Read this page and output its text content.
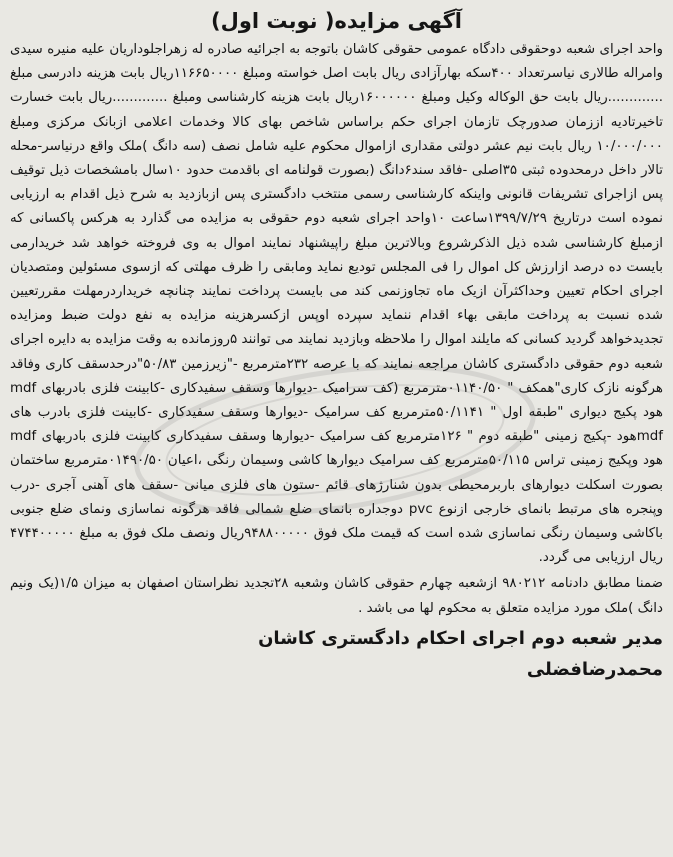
آگهی مزایده( نوبت اول)

واحد اجرای شعبه دوحقوقی دادگاه عمومی حقوقی کاشان باتوجه به اجرائیه صادره له زهراجلوداریان علیه منیره سیدی وامراله طالاری نیاسرتعداد ۴۰۰سکه بهارآزادی ریال بابت اصل خواسته ومبلغ ۱۱۶۶۵۰۰۰۰ریال بابت هزینه دادرسی مبلغ .............ریال بابت حق الوکاله وکیل ومبلغ ۱۶۰۰۰۰۰۰ریال بابت هزینه کارشناسی ومبلغ .............ریال بابت خسارت تاخیرتادیه اززمان صدورچک تازمان اجرای حکم براساس شاخص بهای کالا وخدمات اعلامی ازبانک مرکزی ومبلغ ۱۰/۰۰۰/۰۰۰ ریال بابت نیم عشر دولتی مقداری ازاموال محکوم علیه شامل نصف (سه دانگ )ملک واقع درنیاسر-محله تالار داخل درمحدوده ثبتی ۳۵اصلی -فاقد سند۶دانگ (بصورت قولنامه ای باقدمت حدود ۱۰سال بامشخصات ذیل توقیف پس ازاجرای تشریفات قانونی واینکه کارشناسی رسمی منتخب دادگستری پس ازبازدید به شرح ذیل اقدام به ارزیابی نموده است درتاریخ ۱۳۹۹/۷/۲۹ساعت ۱۰واحد اجرای شعبه دوم حقوقی به مزایده می گذارد به هرکس پاکسانی که ازمبلغ کارشناسی شده ذیل الذکرشروع وبالاترین مبلغ راپیشنهاد نمایند اموال به وی فروخته خواهد شد خریدارمی بایست ده درصد ازارزش کل اموال را فی المجلس تودیع نماید ومابقی را ظرف مهلتی که ازسوی مسئولین ومتصدیان اجرای احکام تعیین وحداکثرآن ازیک ماه تجاوزنمی کند می بایست پرداخت نمایند چنانچه خریداردرمهلت مقررتعیین شده نسبت به پرداخت مابقی بهاء اقدام ننماید سپرده اوپس ازکسرهزینه مزایده به نفع دولت ضبط ومزایده تجدیدخواهد گردید کسانی که مایلند اموال را ملاحظه وبازدید نمایند می توانند ۵روزمانده به وقت مزایده به دایره اجرای شعبه دوم حقوقی دادگستری کاشان مراجعه نمایند که با عرصه ۲۳۲مترمربع -"زیرزمین ۵۰/۸۳"درحدسقف کاری وفاقد هرگونه نازک کاری"همکف " ۰۱۱۴۰/۵۰مترمربع (کف سرامیک -دیوارها وسقف سفیدکاری -کابینت فلزی بادربهای mdf هود پکیج دیواری "طبقه اول " ۵۰/۱۱۴۱مترمربع کف سرامیک -دیوارها وسقف سفیدکاری -کابینت فلزی بادرب های mdfهود -پکیج زمینی "طبقه دوم " ۱۲۶مترمربع کف سرامیک -دیوارها وسقف سفیدکاری کابینت فلزی بادربهای mdf هود وپکیج زمینی تراس ۵۰/۱۱۵مترمربع کف سرامیک دیوارها کاشی وسیمان رنگی ،اعیان ۰۱۴۹۰/۵۰مترمربع ساختمان بصورت اسکلت دیوارهای باربرمحیطی بدون شنارژهای قائم -ستون های فلزی میانی -سقف های آهنی آجری -درب وپنجره های مرتبط بانمای خارجی ازنوع pvc دوجداره بانمای ضلع شمالی فاقد هرگونه نماسازی ونمای ضلع جنوبی باکاشی وسیمان رنگی نماسازی شده است که قیمت ملک فوق ۹۴۸۸۰۰۰۰۰ریال ونصف ملک فوق به مبلغ ۴۷۴۴۰۰۰۰۰ ریال ارزیابی می گردد.

ضمنا مطابق دادنامه ۹۸۰۲۱۲ ازشعبه چهارم حقوقی کاشان وشعبه ۲۸تجدید نظراستان اصفهان به میزان ۱/۵(یک ونیم دانگ )ملک مورد مزایده متعلق به محکوم لها می باشد .

مدیر شعبه دوم اجرای احکام دادگستری کاشان
محمدرضافضلی
